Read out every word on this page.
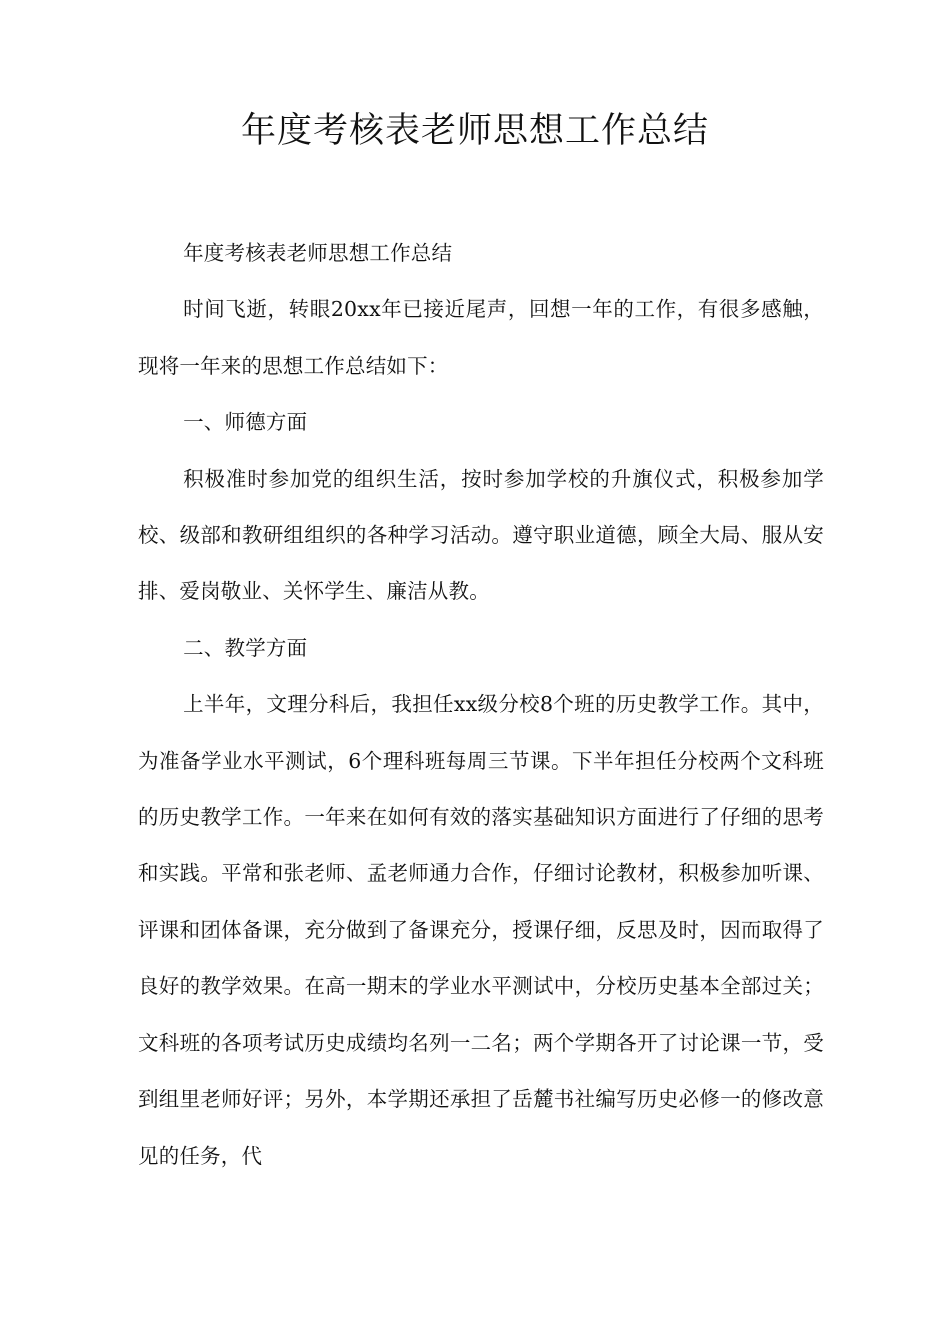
年度考核表老师思想工作总结

年度考核表老师思想工作总结

时间飞逝，转眼20xx年已接近尾声，回想一年的工作，有很多感触，现将一年来的思想工作总结如下：

一、师德方面

积极准时参加党的组织生活，按时参加学校的升旗仪式，积极参加学校、级部和教研组组织的各种学习活动。遵守职业道德，顾全大局、服从安排、爱岗敬业、关怀学生、廉洁从教。

二、教学方面

上半年，文理分科后，我担任xx级分校8个班的历史教学工作。其中，为准备学业水平测试，6个理科班每周三节课。下半年担任分校两个文科班的历史教学工作。一年来在如何有效的落实基础知识方面进行了仔细的思考和实践。平常和张老师、孟老师通力合作，仔细讨论教材，积极参加听课、评课和团体备课，充分做到了备课充分，授课仔细，反思及时，因而取得了良好的教学效果。在高一期末的学业水平测试中，分校历史基本全部过关；文科班的各项考试历史成绩均名列一二名；两个学期各开了讨论课一节，受到组里老师好评；另外，本学期还承担了岳麓书社编写历史必修一的修改意见的任务，代
